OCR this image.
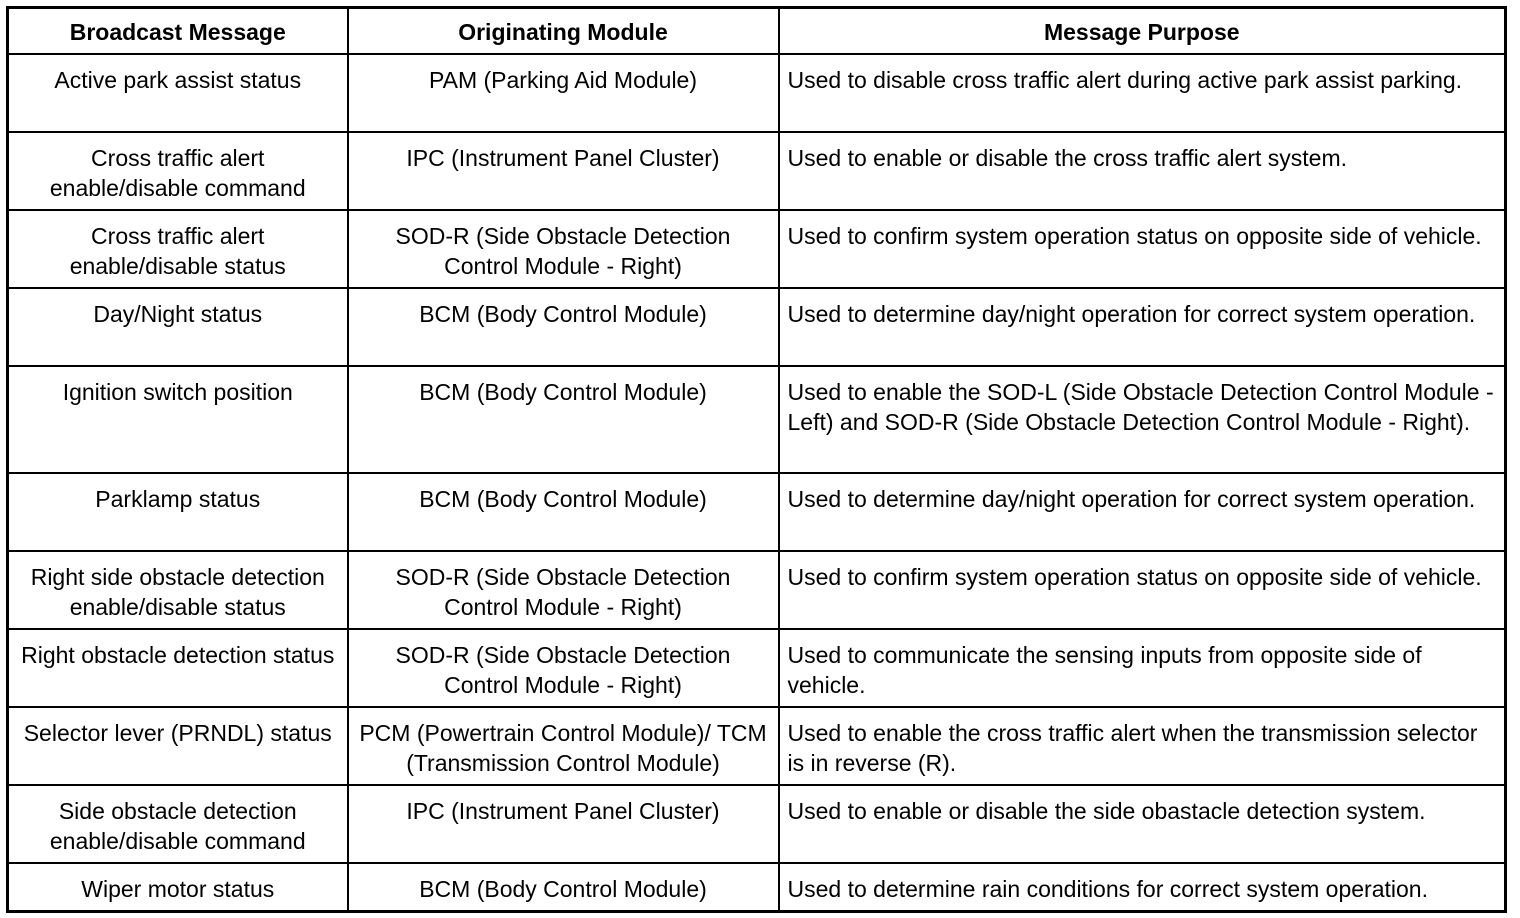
Broadcast Message	Originating Module	Message Purpose
Active park assist status	PAM (Parking Aid Module)	Used to disable cross traffic alert during active park assist parking.
Cross traffic alert enable/disable command	IPC (Instrument Panel Cluster)	Used to enable or disable the cross traffic alert system.
Cross traffic alert enable/disable status	SOD-R (Side Obstacle Detection Control Module - Right)	Used to confirm system operation status on opposite side of vehicle.
Day/Night status	BCM (Body Control Module)	Used to determine day/night operation for correct system operation.
Ignition switch position	BCM (Body Control Module)	Used to enable the SOD-L (Side Obstacle Detection Control Module - Left) and SOD-R (Side Obstacle Detection Control Module - Right).
Parklamp status	BCM (Body Control Module)	Used to determine day/night operation for correct system operation.
Right side obstacle detection enable/disable status	SOD-R (Side Obstacle Detection Control Module - Right)	Used to confirm system operation status on opposite side of vehicle.
Right obstacle detection status	SOD-R (Side Obstacle Detection Control Module - Right)	Used to communicate the sensing inputs from opposite side of vehicle.
Selector lever (PRNDL) status	PCM (Powertrain Control Module)/ TCM (Transmission Control Module)	Used to enable the cross traffic alert when the transmission selector is in reverse (R).
Side obstacle detection enable/disable command	IPC (Instrument Panel Cluster)	Used to enable or disable the side obastacle detection system.
Wiper motor status	BCM (Body Control Module)	Used to determine rain conditions for correct system operation.
